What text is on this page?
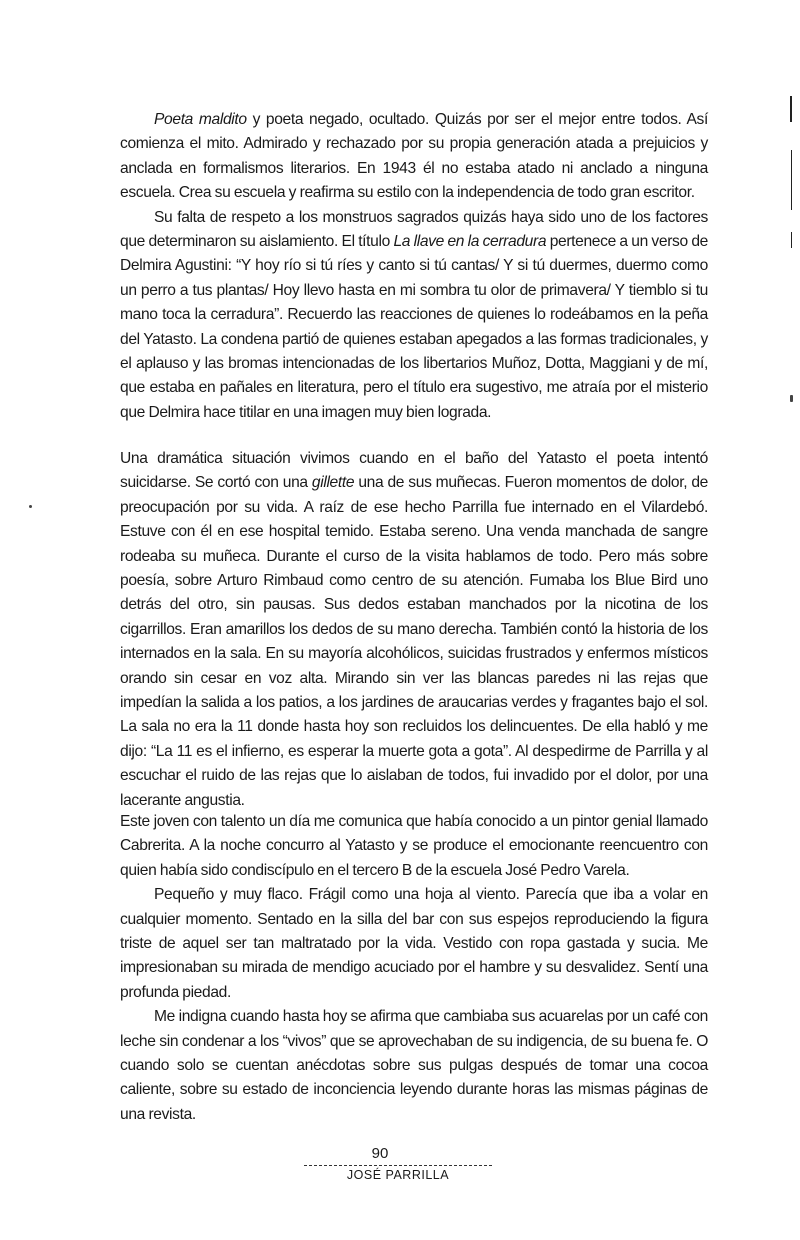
Poeta maldito y poeta negado, ocultado. Quizás por ser el mejor entre todos. Así comienza el mito. Admirado y rechazado por su propia generación atada a prejuicios y anclada en formalismos literarios. En 1943 él no estaba atado ni anclado a ninguna escuela. Crea su escuela y reafirma su estilo con la independencia de todo gran escritor.

Su falta de respeto a los monstruos sagrados quizás haya sido uno de los factores que determinaron su aislamiento. El título La llave en la cerradura pertenece a un verso de Delmira Agustini: “Y hoy río si tú ríes y canto si tú cantas/ Y si tú duermes, duermo como un perro a tus plantas/ Hoy llevo hasta en mi sombra tu olor de primavera/ Y tiemblo si tu mano toca la cerradura”. Recuerdo las reacciones de quienes lo rodeábamos en la peña del Yatasto. La condena partió de quienes estaban apegados a las formas tradicionales, y el aplauso y las bromas intencionadas de los libertarios Muñoz, Dotta, Maggiani y de mí, que estaba en pañales en literatura, pero el título era sugestivo, me atraía por el misterio que Delmira hace titilar en una imagen muy bien lograda.

Una dramática situación vivimos cuando en el baño del Yatasto el poeta intentó suicidarse. Se cortó con una gillette una de sus muñecas. Fueron momentos de dolor, de preocupación por su vida. A raíz de ese hecho Parrilla fue internado en el Vilardebó. Estuve con él en ese hospital temido. Estaba sereno. Una venda manchada de sangre rodeaba su muñeca. Durante el curso de la visita hablamos de todo. Pero más sobre poesía, sobre Arturo Rimbaud como centro de su atención. Fumaba los Blue Bird uno detrás del otro, sin pausas. Sus dedos estaban manchados por la nicotina de los cigarrillos. Eran amarillos los dedos de su mano derecha. También contó la historia de los internados en la sala. En su mayoría alcohólicos, suicidas frustrados y enfermos místicos orando sin cesar en voz alta. Mirando sin ver las blancas paredes ni las rejas que impedían la salida a los patios, a los jardines de araucarias verdes y fragantes bajo el sol. La sala no era la 11 donde hasta hoy son recluidos los delincuentes. De ella habló y me dijo: “La 11 es el infierno, es esperar la muerte gota a gota”. Al despedirme de Parrilla y al escuchar el ruido de las rejas que lo aislaban de todos, fui invadido por el dolor, por una lacerante angustia.

Este joven con talento un día me comunica que había conocido a un pintor genial llamado Cabrerita. A la noche concurro al Yatasto y se produce el emocionante reencuentro con quien había sido condiscípulo en el tercero B de la escuela José Pedro Varela.

Pequeño y muy flaco. Frágil como una hoja al viento. Parecía que iba a volar en cualquier momento. Sentado en la silla del bar con sus espejos reproduciendo la figura triste de aquel ser tan maltratado por la vida. Vestido con ropa gastada y sucia. Me impresionaban su mirada de mendigo acuciado por el hambre y su desvalidez. Sentí una profunda piedad.

Me indigna cuando hasta hoy se afirma que cambiaba sus acuarelas por un café con leche sin condenar a los “vivos” que se aprovechaban de su indigencia, de su buena fe. O cuando solo se cuentan anécdotas sobre sus pulgas después de tomar una cocoa caliente, sobre su estado de inconciencia leyendo durante horas las mismas páginas de una revista.

90
JOSÉ PARRILLA
